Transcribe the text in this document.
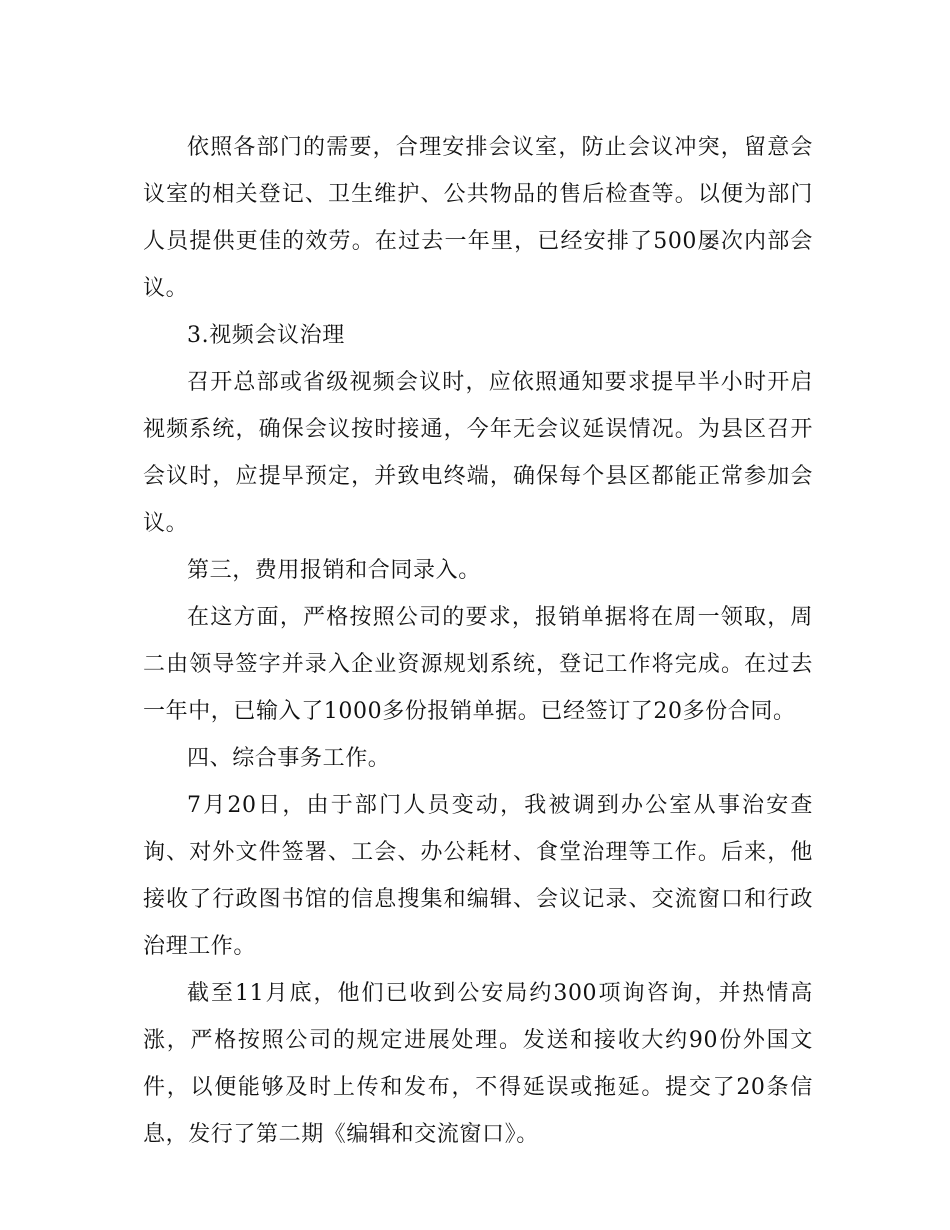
依照各部门的需要，合理安排会议室，防止会议冲突，留意会议室的相关登记、卫生维护、公共物品的售后检查等。以便为部门人员提供更佳的效劳。在过去一年里，已经安排了500屡次内部会议。

3.视频会议治理

召开总部或省级视频会议时，应依照通知要求提早半小时开启视频系统，确保会议按时接通，今年无会议延误情况。为县区召开会议时，应提早预定，并致电终端，确保每个县区都能正常参加会议。

第三，费用报销和合同录入。

在这方面，严格按照公司的要求，报销单据将在周一领取，周二由领导签字并录入企业资源规划系统，登记工作将完成。在过去一年中，已输入了1000多份报销单据。已经签订了20多份合同。

四、综合事务工作。

7月20日，由于部门人员变动，我被调到办公室从事治安查询、对外文件签署、工会、办公耗材、食堂治理等工作。后来，他接收了行政图书馆的信息搜集和编辑、会议记录、交流窗口和行政治理工作。

截至11月底，他们已收到公安局约300项询咨询，并热情高涨，严格按照公司的规定进展处理。发送和接收大约90份外国文件，以便能够及时上传和发布，不得延误或拖延。提交了20条信息，发行了第二期《编辑和交流窗口》。
